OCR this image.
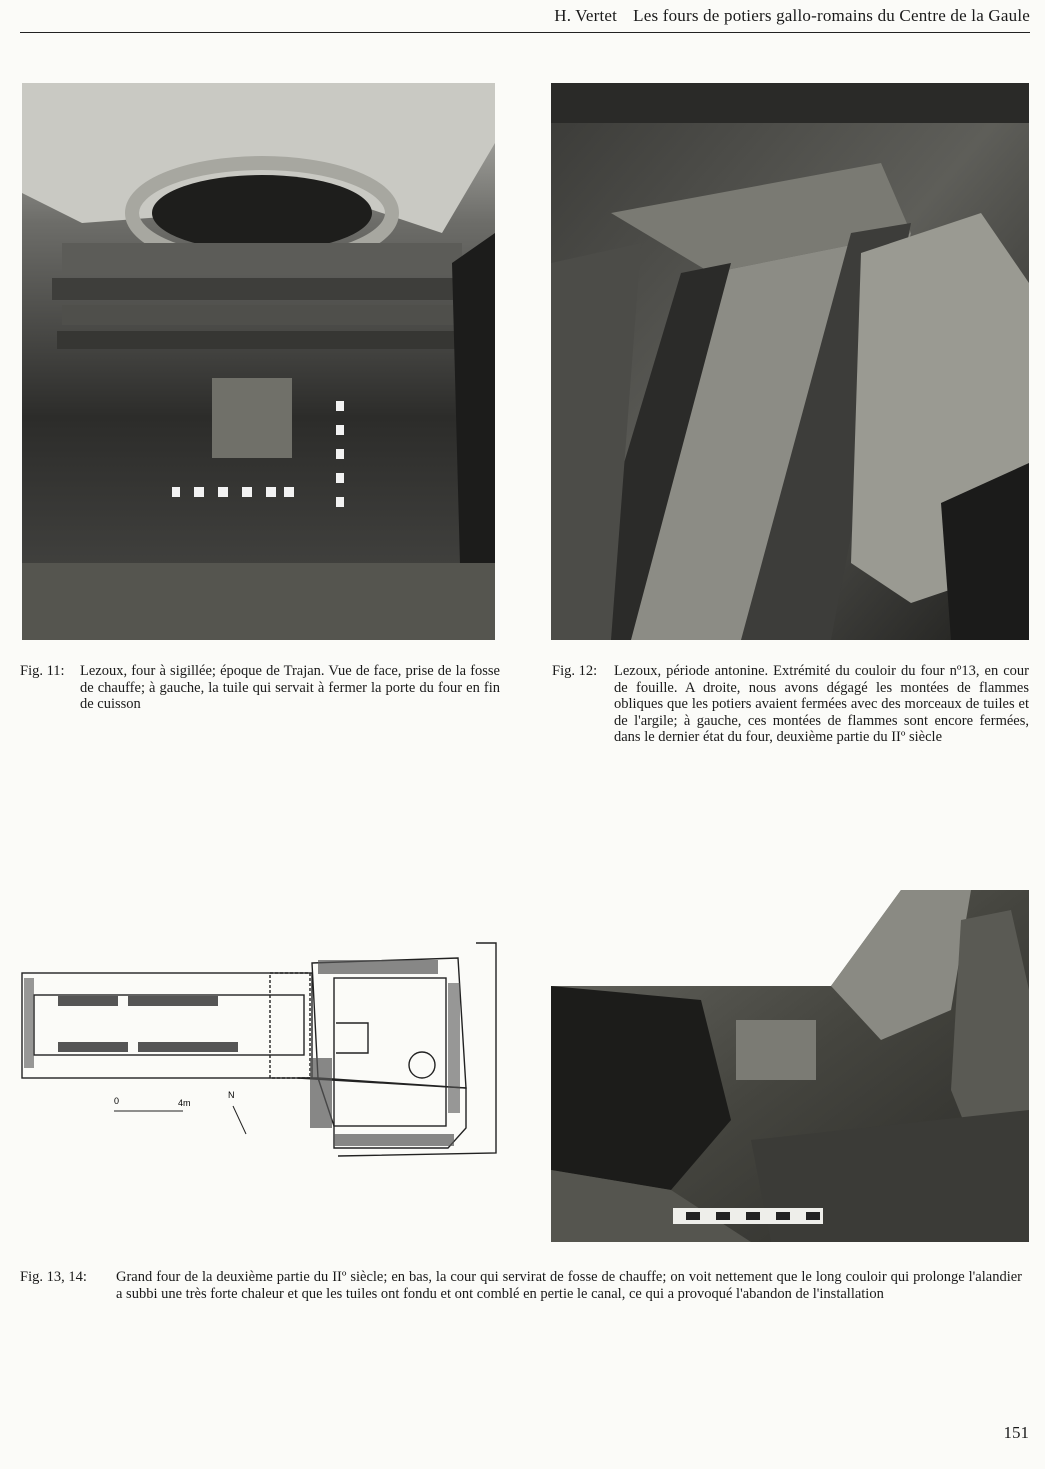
H. Vertet Les fours de potiers gallo-romains du Centre de la Gaule
Fig. 11: Lezoux, four à sigillée; époque de Trajan. Vue de face, prise de la fosse de chauffe; à gauche, la tuile qui servait à fermer la porte du four en fin de cuisson
Fig. 12: Lezoux, période antonine. Extrémité du couloir du four nº13, en cour de fouille. A droite, nous avons dégagé les montées de flammes obliques que les potiers avaient fermées avec des morceaux de tuiles et de l'argile; à gauche, ces montées de flammes sont encore fermées, dans le dernier état du four, deuxième partie du IIº siècle
0	4m
N
Fig. 13, 14: Grand four de la deuxième partie du IIº siècle; en bas, la cour qui servirat de fosse de chauffe; on voit nettement que le long couloir qui prolonge l'alandier a subbi une très forte chaleur et que les tuiles ont fondu et ont comblé en pertie le canal, ce qui a provoqué l'abandon de l'installation
151
